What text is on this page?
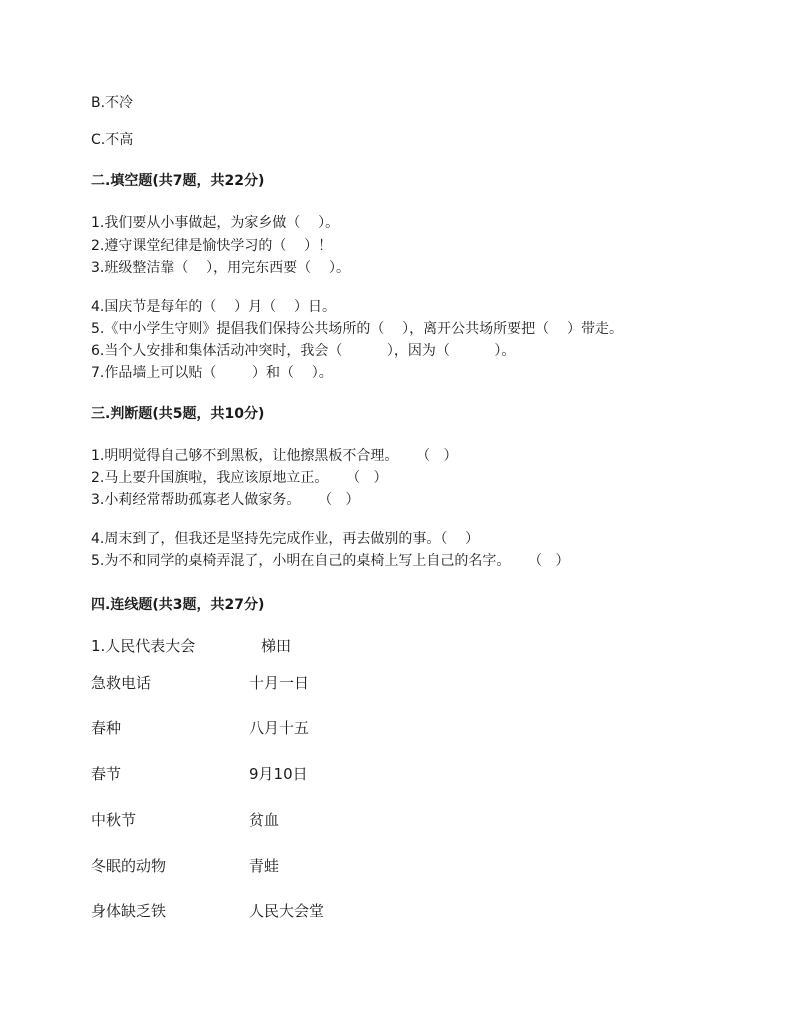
B.不冷
C.不高
二.填空题(共7题，共22分)
1.我们要从小事做起，为家乡做（    ）。
2.遵守课堂纪律是愉快学习的（    ）！
3.班级整洁靠（    ），用完东西要（    ）。
4.国庆节是每年的（    ）月（    ）日。
5.《中小学生守则》提倡我们保持公共场所的（    ），离开公共场所要把（    ）带走。
6.当个人安排和集体活动冲突时，我会（          ），因为（          ）。
7.作品墙上可以贴（        ）和（    ）。
三.判断题(共5题，共10分)
1.明明觉得自己够不到黑板，让他擦黑板不合理。    （   ）
2.马上要升国旗啦，我应该原地立正。    （   ）
3.小莉经常帮助孤寡老人做家务。    （   ）
4.周末到了，但我还是坚持先完成作业，再去做别的事。（    ）
5.为不和同学的桌椅弄混了，小明在自己的桌椅上写上自己的名字。    （   ）
四.连线题(共3题，共27分)
1.人民代表大会	梯田
急救电话	十月一日
春种	八月十五
春节	9月10日
中秋节	贫血
冬眠的动物	青蛙
身体缺乏铁	人民大会堂
